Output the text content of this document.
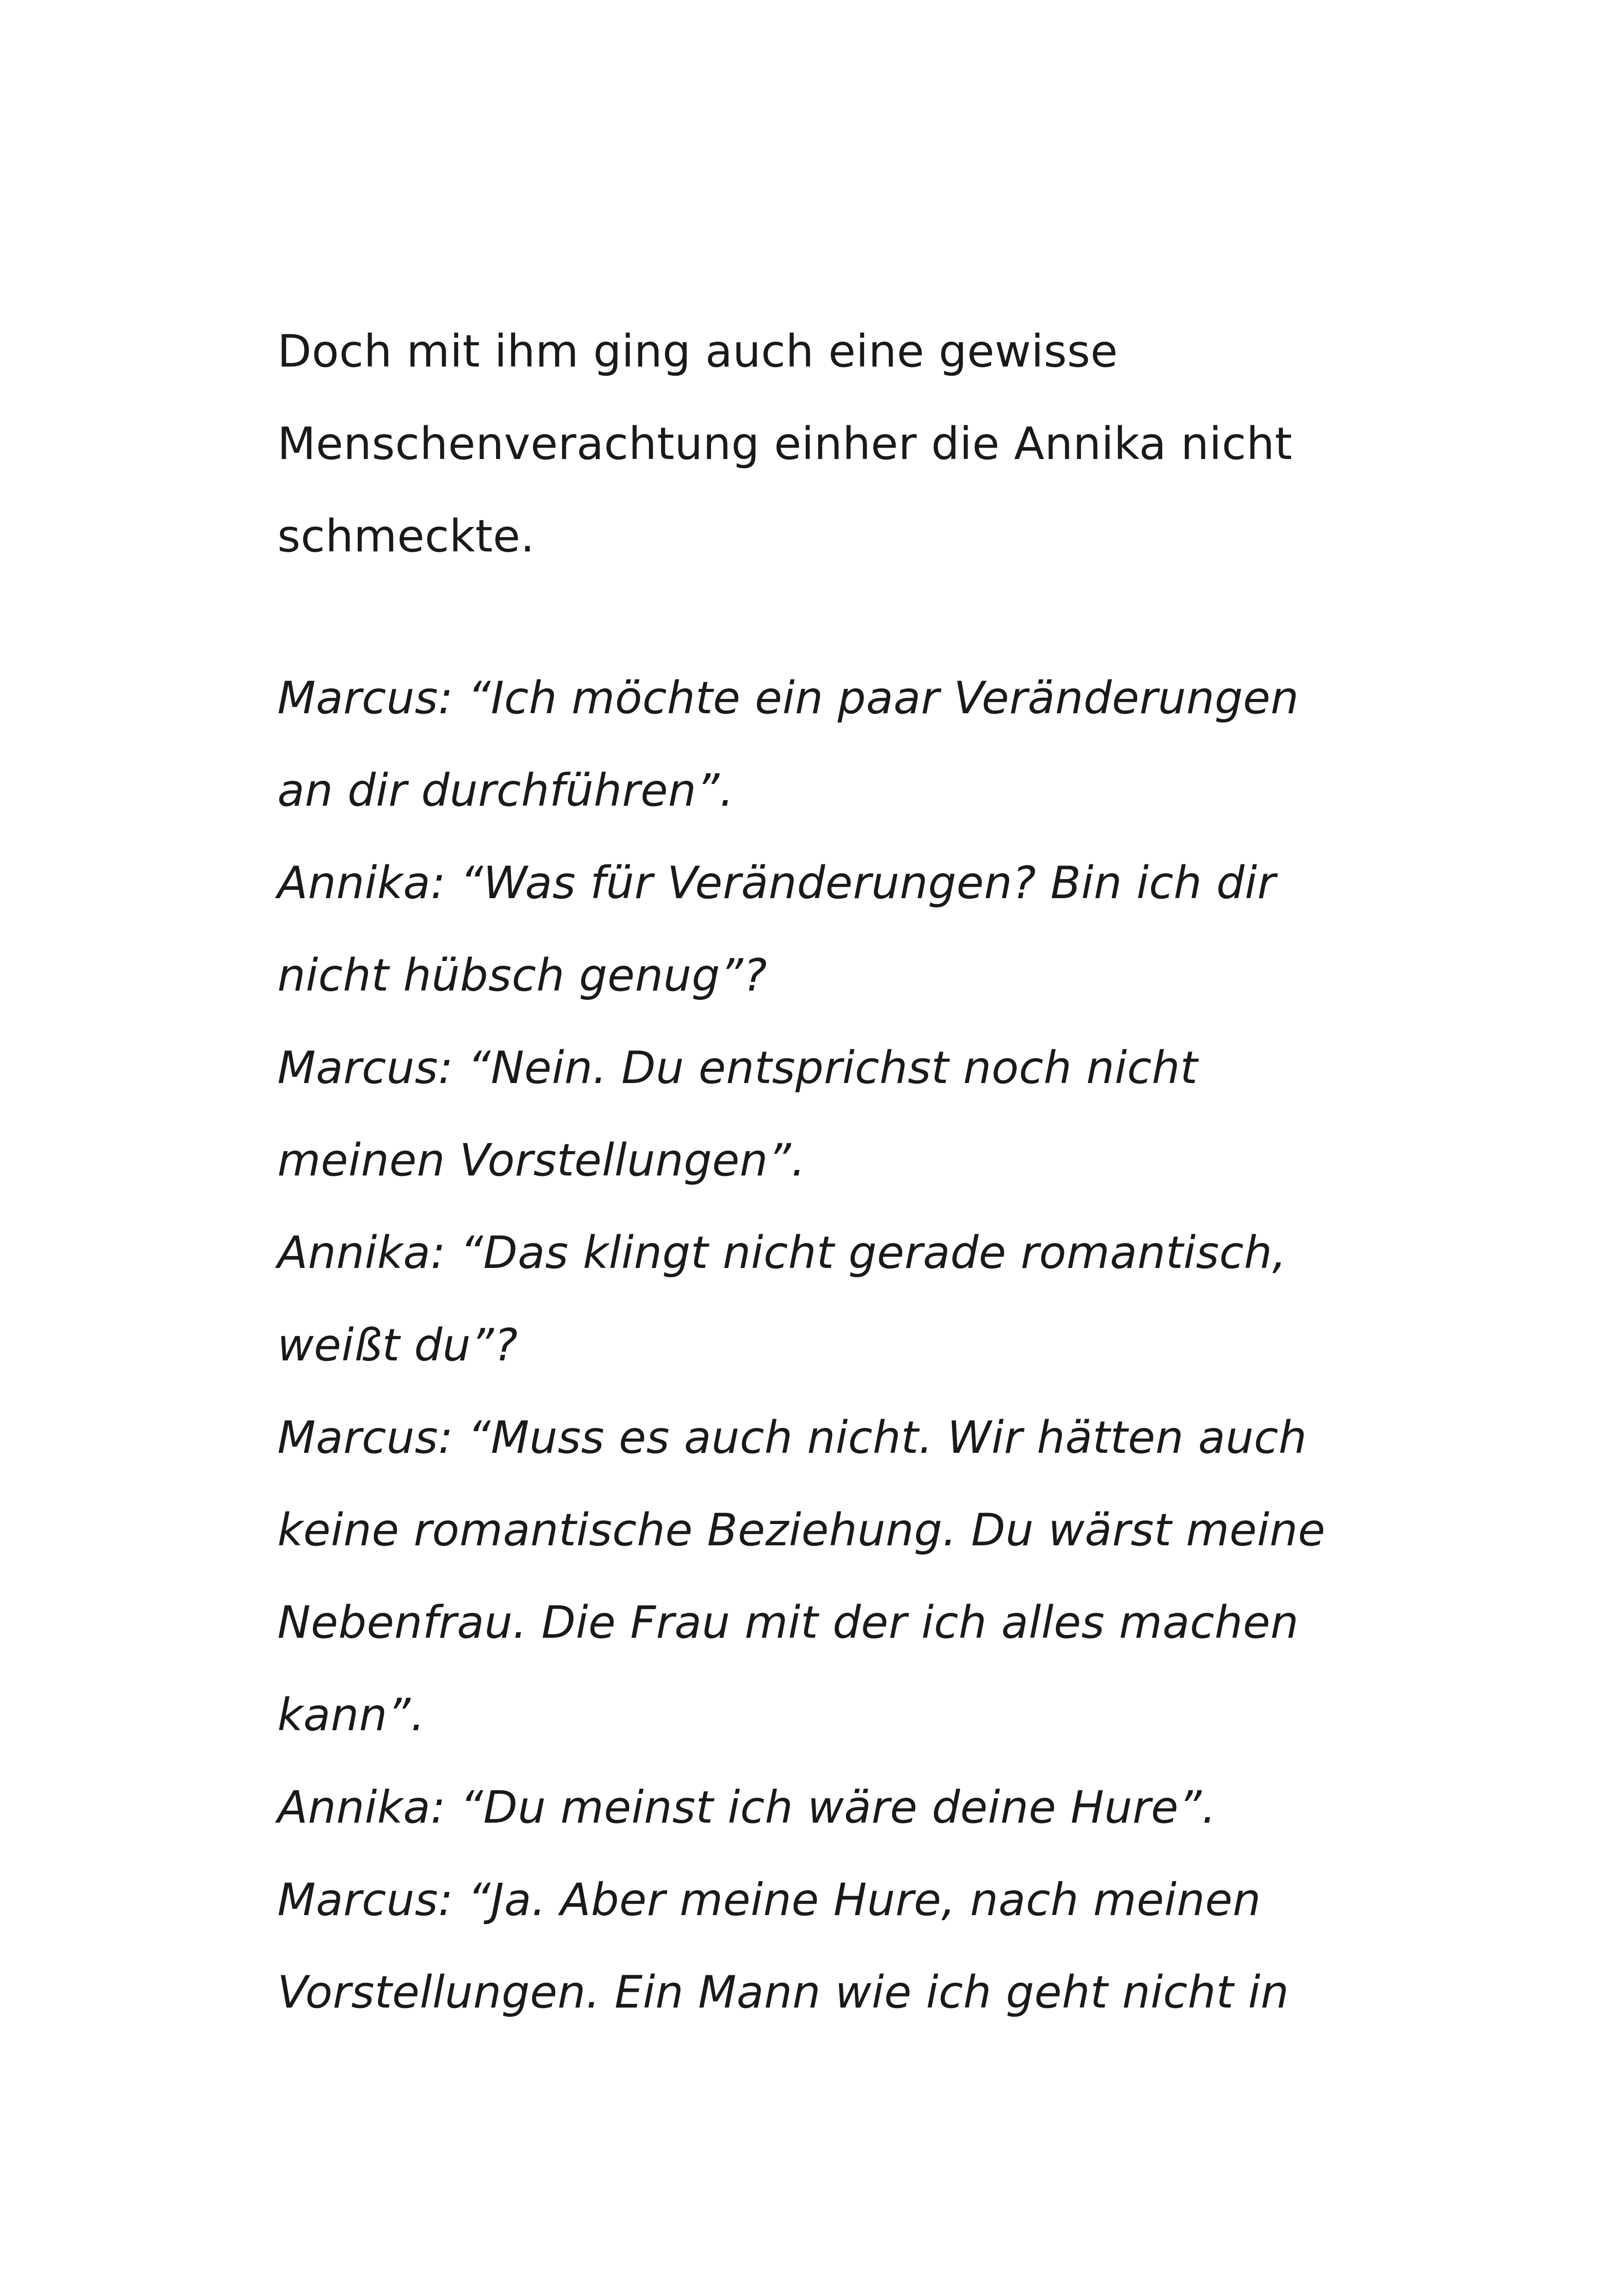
Doch mit ihm ging auch eine gewisse
Menschenverachtung einher die Annika nicht
schmeckte.
Marcus: “Ich möchte ein paar Veränderungen
an dir durchführen”.
Annika: “Was für Veränderungen? Bin ich dir
nicht hübsch genug”?
Marcus: “Nein. Du entsprichst noch nicht
meinen Vorstellungen”.
Annika: “Das klingt nicht gerade romantisch,
weißt du”?
Marcus: “Muss es auch nicht. Wir hätten auch
keine romantische Beziehung. Du wärst meine
Nebenfrau. Die Frau mit der ich alles machen
kann”.
Annika: “Du meinst ich wäre deine Hure”.
Marcus: “Ja. Aber meine Hure, nach meinen
Vorstellungen. Ein Mann wie ich geht nicht in
